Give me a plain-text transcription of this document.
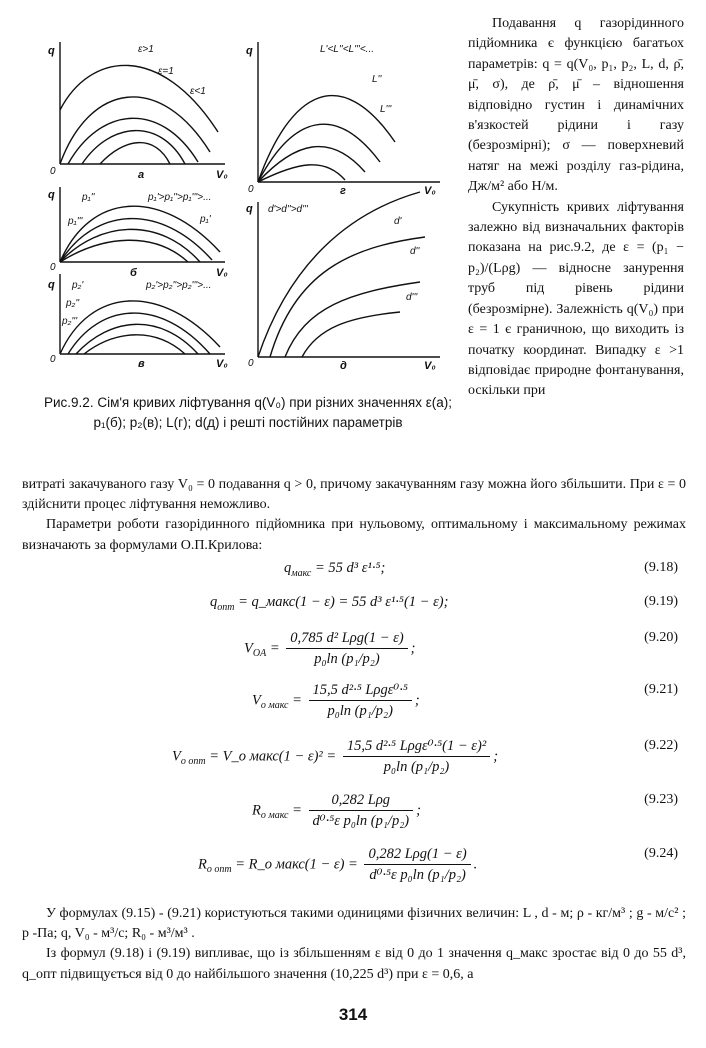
q
V₀
0	a
ε>1
ε=1
ε<1
q
V₀
0	г
L'<L''<L'''<...
L''
L'''
q
V₀
0	б
p₁'>p₁''>p₁'''>...
p₁''
p₁'''	p₁'
q
V₀
0	д
d'>d''>d'''
d'
d''
d'''
q
V₀
0	в
p₂'
p₂''
p₂'''
p₂'>p₂''>p₂'''>...
Рис.9.2. Сім'я кривих ліфтування q(V₀) при різних значеннях ε(а); p₁(б); p₂(в); L(г); d(д) і решті постійних параметрів

Подавання q газорідинного підйомника є функцією багатьох параметрів: q = q(V₀, p₁, p₂, L, d, ρ̄, μ̄, σ), де ρ̄, μ̄ – відношення відповідно густин і динамічних в'язкостей рідини і газу (безрозмірні); σ — поверхневий натяг на межі розділу газ-рідина, Дж/м² або Н/м.

Сукупність кривих ліфтування залежно від визначальних факторів показана на рис.9.2, де ε = (p₁ − p₂)/(Lρg) — відносне занурення труб під рівень рідини (безрозмірне). Залежність q(V₀) при ε = 1 є граничною, що виходить із початку координат. Випадку ε >1 відповідає природне фонтанування, оскільки при

витраті закачуваного газу V₀ = 0 подавання q > 0, причому закачуванням газу можна його збільшити. При ε = 0 здійснити процес ліфтування неможливо.

Параметри роботи газорідинного підйомника при нульовому, оптимальному і максимальному режимах визначають за формулами О.П.Крилова:

$q_{макс} = 55$ d³ ε¹·⁵;	(9.18)
$q_{опт}$ = q_макс(1 − ε) = 55 d³ ε¹·⁵(1 − ε);	(9.19)
$V_{OA} = \frac{\text{0,785 d² Lρg(1 − ε)}}{\text{p₀ln (p₁/p₂)}}$ ;
(9.20)
$V_{o макс} = \frac{\text{15,5 d²·⁵ Lρgε⁰·⁵}}{\text{p₀ln (p₁/p₂)}}$ ;
(9.21)
$V_{o опт}$ = V_o макс(1 − $\varepsilon)^2 = \frac{\text{15,5 d²·⁵ Lρgε⁰·⁵(1 − ε)²}}{\text{p₀ln (p₁/p₂)}}$ ;
(9.22)
$R_{o макс} = \frac{\text{0,282 Lρg}}{\text{d⁰·⁵ε p₀ln (p₁/p₂)}}$ ;
(9.23)
$R_{o опт}$ = R_o макс(1 − $\varepsilon) = \frac{\text{0,282 Lρg(1 − ε)}}{\text{d⁰·⁵ε p₀ln (p₁/p₂)}}$ .
(9.24)

У формулах (9.15) - (9.21) користуються такими одиницями фізичних величин: L , d - м; ρ - кг/м³ ; g - м/с² ; p -Па; q, V₀ - м³/с; R₀ - м³/м³ .

Із формул (9.18) і (9.19) випливає, що із збільшенням ε від 0 до 1 значення q_макс зростає від 0 до 55 d³, q_опт підвищується від 0 до найбільшого значення (10,225 d³) при ε = 0,6, а

314
